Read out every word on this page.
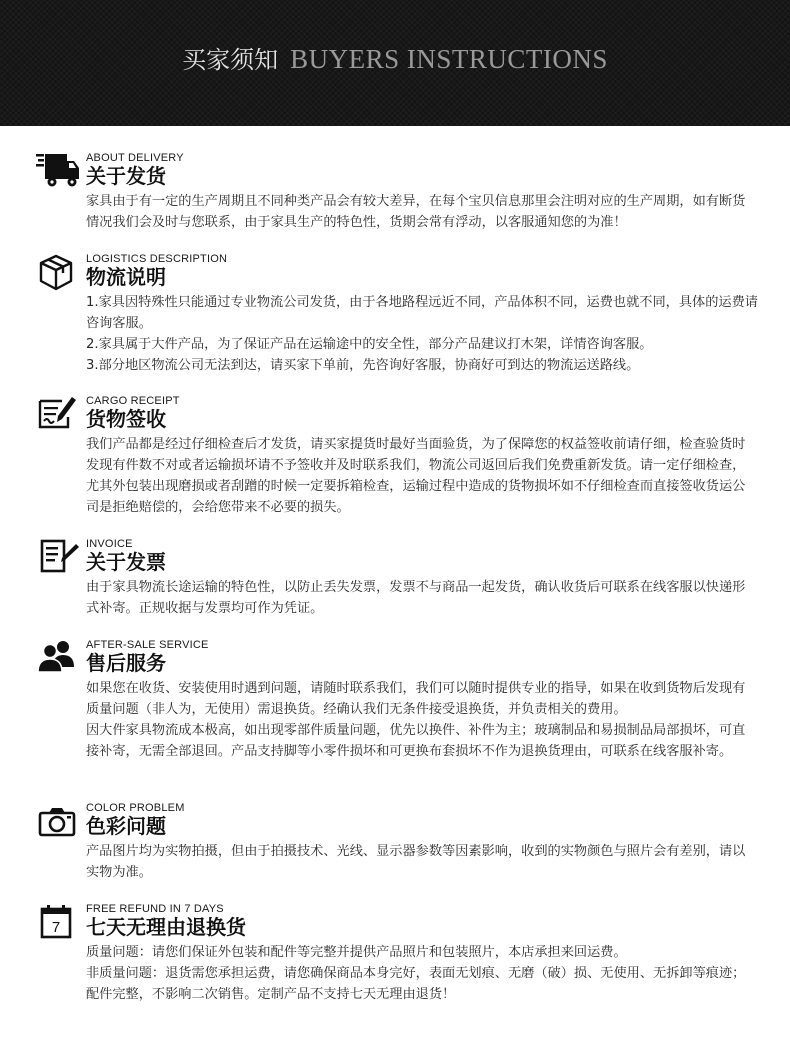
买家须知 BUYERS INSTRUCTIONS
ABOUT DELIVERY
关于发货

家具由于有一定的生产周期且不同种类产品会有较大差异，在每个宝贝信息那里会注明对应的生产周期，如有断货情况我们会及时与您联系，由于家具生产的特色性，货期会常有浮动，以客服通知您的为准！

LOGISTICS DESCRIPTION
物流说明

1.家具因特殊性只能通过专业物流公司发货，由于各地路程远近不同，产品体积不同，运费也就不同，具体的运费请咨询客服。

2.家具属于大件产品，为了保证产品在运输途中的安全性，部分产品建议打木架，详情咨询客服。

3.部分地区物流公司无法到达，请买家下单前，先咨询好客服，协商好可到达的物流运送路线。

CARGO RECEIPT
货物签收

我们产品都是经过仔细检查后才发货，请买家提货时最好当面验货，为了保障您的权益签收前请仔细，检查验货时发现有件数不对或者运输损坏请不予签收并及时联系我们，物流公司返回后我们免费重新发货。请一定仔细检查，尤其外包装出现磨损或者刮蹭的时候一定要拆箱检查，运输过程中造成的货物损坏如不仔细检查而直接签收货运公司是拒绝赔偿的，会给您带来不必要的损失。

INVOICE
关于发票

由于家具物流长途运输的特色性，以防止丢失发票，发票不与商品一起发货，确认收货后可联系在线客服以快递形式补寄。正规收据与发票均可作为凭证。

AFTER-SALE SERVICE
售后服务

如果您在收货、安装使用时遇到问题，请随时联系我们，我们可以随时提供专业的指导，如果在收到货物后发现有质量问题（非人为，无使用）需退换货。经确认我们无条件接受退换货，并负责相关的费用。

因大件家具物流成本极高，如出现零部件质量问题，优先以换件、补件为主；玻璃制品和易损制品局部损坏，可直接补寄，无需全部退回。产品支持脚等小零件损坏和可更换布套损坏不作为退换货理由，可联系在线客服补寄。

COLOR PROBLEM
色彩问题

产品图片均为实物拍摄，但由于拍摄技术、光线、显示器参数等因素影响，收到的实物颜色与照片会有差别，请以实物为准。

7
FREE REFUND IN 7 DAYS
七天无理由退换货

质量问题：请您们保证外包装和配件等完整并提供产品照片和包装照片，本店承担来回运费。

非质量问题：退货需您承担运费，请您确保商品本身完好，表面无划痕、无磨（破）损、无使用、无拆卸等痕迹；配件完整，不影响二次销售。定制产品不支持七天无理由退货！
